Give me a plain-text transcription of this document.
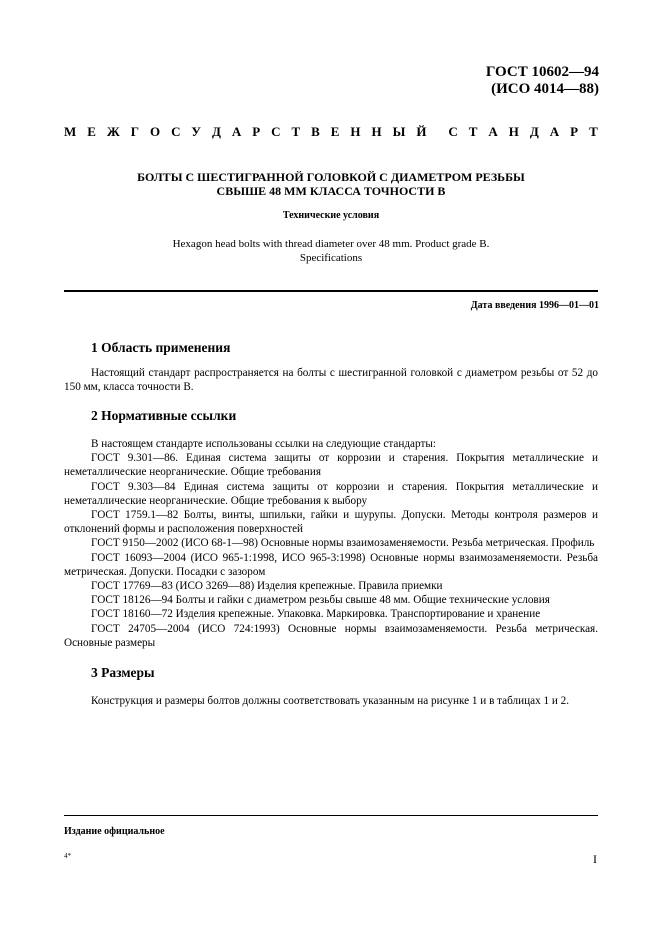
ГОСТ 10602—94
(ИСО 4014—88)
М Е Ж Г О С У Д А Р С Т В Е Н Н Ы Й С Т А Н Д А Р Т
БОЛТЫ С ШЕСТИГРАННОЙ ГОЛОВКОЙ С ДИАМЕТРОМ РЕЗЬБЫ
СВЫШЕ 48 ММ КЛАССА ТОЧНОСТИ В
Технические условия
Hexagon head bolts with thread diameter over 48 mm. Product grade B.
Specifications
Дата введения 1996—01—01
1 Область применения
Настоящий стандарт распространяется на болты с шестигранной головкой с диаметром резьбы от 52 до 150 мм, класса точности В.
2 Нормативные ссылки
В настоящем стандарте использованы ссылки на следующие стандарты:
ГОСТ 9.301—86. Единая система защиты от коррозии и старения. Покрытия металлические и неметаллические неорганические. Общие требования
ГОСТ 9.303—84 Единая система защиты от коррозии и старения. Покрытия металлические и неметаллические неорганические. Общие требования к выбору
ГОСТ 1759.1—82 Болты, винты, шпильки, гайки и шурупы. Допуски. Методы контроля размеров и отклонений формы и расположения поверхностей
ГОСТ 9150—2002 (ИСО 68-1—98) Основные нормы взаимозаменяемости. Резьба метрическая. Профиль
ГОСТ 16093—2004 (ИСО 965-1:1998, ИСО 965-3:1998) Основные нормы взаимозаменяемости. Резьба метрическая. Допуски. Посадки с зазором
ГОСТ 17769—83 (ИСО 3269—88) Изделия крепежные. Правила приемки
ГОСТ 18126—94 Болты и гайки с диаметром резьбы свыше 48 мм. Общие технические условия
ГОСТ 18160—72 Изделия крепежные. Упаковка. Маркировка. Транспортирование и хранение
ГОСТ 24705—2004 (ИСО 724:1993) Основные нормы взаимозаменяемости. Резьба метрическая. Основные размеры
3 Размеры
Конструкция и размеры болтов должны соответствовать указанным на рисунке 1 и в таблицах 1 и 2.
Издание официальное
4*	I
